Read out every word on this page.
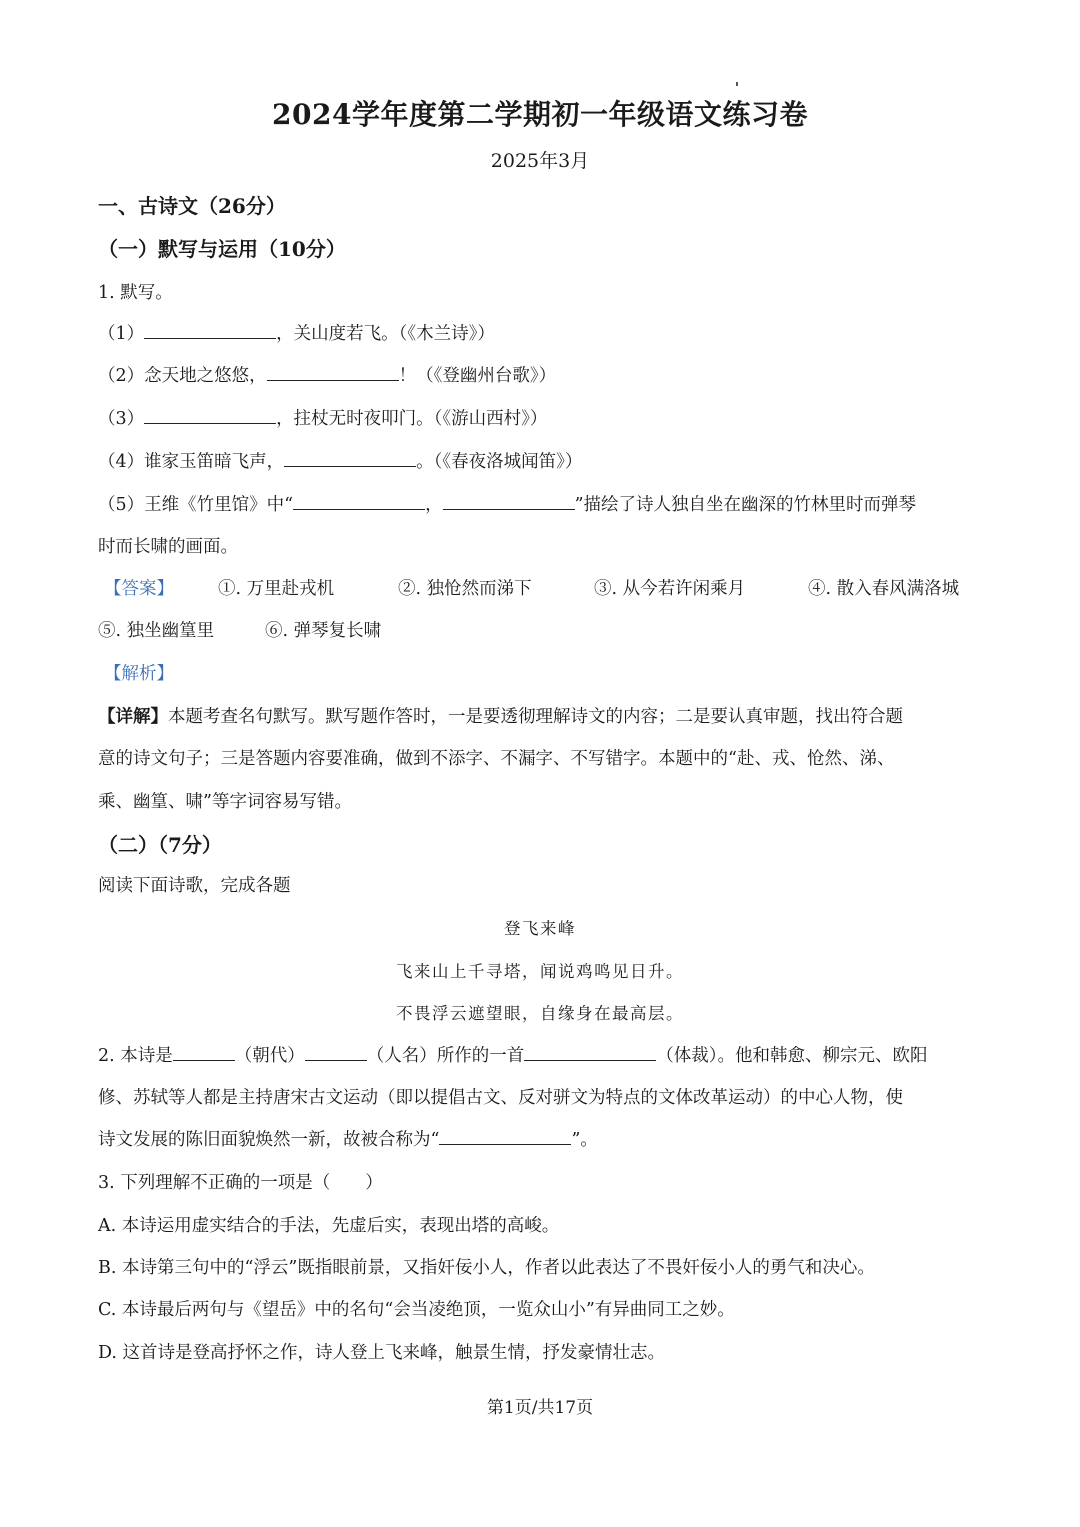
2024学年度第二学期初一年级语文练习卷
2025年3月
一、古诗文（26分）
（一）默写与运用（10分）
1. 默写。
（1）	，关山度若飞。（《木兰诗》）
（2）念天地之悠悠，	！（《登幽州台歌》）
（3）	，拄杖无时夜叩门。（《游山西村》）
（4）谁家玉笛暗飞声，	。（《春夜洛城闻笛》）
（5）王维《竹里馆》中“	，	”描绘了诗人独自坐在幽深的竹林里时而弹琴
时而长啸的画面。
【答案】	①. 万里赴戎机	②. 独怆然而涕下	③. 从今若许闲乘月	④. 散入春风满洛城
⑤. 独坐幽篁里	⑥. 弹琴复长啸
【解析】
【详解】本题考查名句默写。默写题作答时，一是要透彻理解诗文的内容；二是要认真审题，找出符合题
意的诗文句子；三是答题内容要准确，做到不添字、不漏字、不写错字。本题中的“赴、戎、怆然、涕、
乘、幽篁、啸”等字词容易写错。
（二）（7分）
阅读下面诗歌，完成各题
登飞来峰
飞来山上千寻塔，闻说鸡鸣见日升。
不畏浮云遮望眼，自缘身在最高层。
2. 本诗是	（朝代）	（人名）所作的一首	（体裁）。他和韩愈、柳宗元、欧阳
修、苏轼等人都是主持唐宋古文运动（即以提倡古文、反对骈文为特点的文体改革运动）的中心人物，使
诗文发展的陈旧面貌焕然一新，故被合称为“	”。
3. 下列理解不正确的一项是（　　）
A. 本诗运用虚实结合的手法，先虚后实，表现出塔的高峻。
B. 本诗第三句中的“浮云”既指眼前景，又指奸佞小人，作者以此表达了不畏奸佞小人的勇气和决心。
C. 本诗最后两句与《望岳》中的名句“会当凌绝顶，一览众山小”有异曲同工之妙。
D. 这首诗是登高抒怀之作，诗人登上飞来峰，触景生情，抒发豪情壮志。
第1页/共17页
